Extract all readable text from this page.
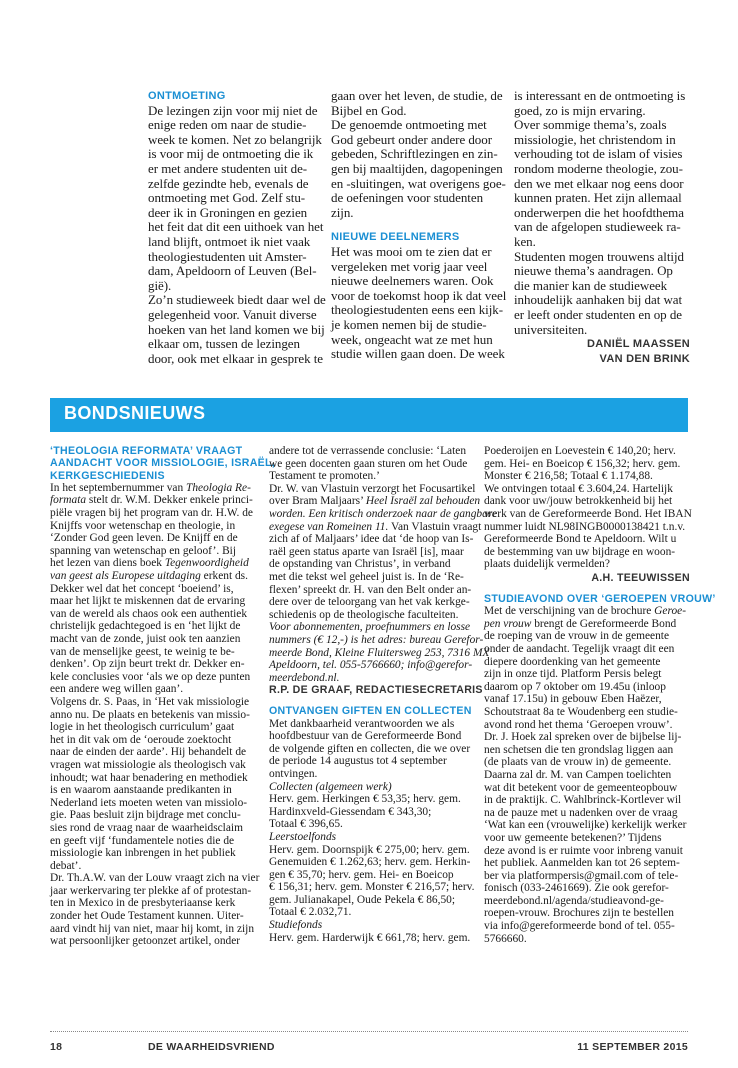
ONTMOETING
De lezingen zijn voor mij niet de
enige reden om naar de studie-
week te komen. Net zo belangrijk
is voor mij de ontmoeting die ik
er met andere studenten uit de-
zelfde gezindte heb, evenals de
ontmoeting met God. Zelf stu-
deer ik in Groningen en gezien
het feit dat dit een uithoek van het
land blijft, ontmoet ik niet vaak
theologiestudenten uit Amster-
dam, Apeldoorn of Leuven (Bel-
gië).
Zo’n studieweek biedt daar wel de
gelegenheid voor. Vanuit diverse
hoeken van het land komen we bij
elkaar om, tussen de lezingen
door, ook met elkaar in gesprek te
gaan over het leven, de studie, de
Bijbel en God.
De genoemde ontmoeting met
God gebeurt onder andere door
gebeden, Schriftlezingen en zin-
gen bij maaltijden, dagopeningen
en -sluitingen, wat overigens goe-
de oefeningen voor studenten
zijn.
NIEUWE DEELNEMERS
Het was mooi om te zien dat er
vergeleken met vorig jaar veel
nieuwe deelnemers waren. Ook
voor de toekomst hoop ik dat veel
theologiestudenten eens een kijk-
je komen nemen bij de studie-
week, ongeacht wat ze met hun
studie willen gaan doen. De week
is interessant en de ontmoeting is
goed, zo is mijn ervaring.
Over sommige thema’s, zoals
missiologie, het christendom in
verhouding tot de islam of visies
rondom moderne theologie, zou-
den we met elkaar nog eens door
kunnen praten. Het zijn allemaal
onderwerpen die het hoofdthema
van de afgelopen studieweek ra-
ken.
Studenten mogen trouwens altijd
nieuwe thema’s aandragen. Op
die manier kan de studieweek
inhoudelijk aanhaken bij dat wat
er leeft onder studenten en op de
universiteiten.
DANIËL MAASSEN
VAN DEN BRINK
BONDSNIEUWS
‘THEOLOGIA REFORMATA’ VRAAGT
AANDACHT VOOR MISSIOLOGIE, ISRAËL,
KERKGESCHIEDENIS
In het septembernummer van Theologia Re-
formata stelt dr. W.M. Dekker enkele princi-
piële vragen bij het program van dr. H.W. de
Knijffs voor wetenschap en theologie, in
‘Zonder God geen leven. De Knijff en de
spanning van wetenschap en geloof’. Bij
het lezen van diens boek Tegenwoordigheid
van geest als Europese uitdaging erkent ds.
Dekker wel dat het concept ‘boeiend’ is,
maar het lijkt te miskennen dat de ervaring
van de wereld als chaos ook een authentiek
christelijk gedachtegoed is en ‘het lijkt de
macht van de zonde, juist ook ten aanzien
van de menselijke geest, te weinig te be-
denken’. Op zijn beurt trekt dr. Dekker en-
kele conclusies voor ‘als we op deze punten
een andere weg willen gaan’.
Volgens dr. S. Paas, in ‘Het vak missiologie
anno nu. De plaats en betekenis van missio-
logie in het theologisch curriculum’ gaat
het in dit vak om de ‘oeroude zoektocht
naar de einden der aarde’. Hij behandelt de
vragen wat missiologie als theologisch vak
inhoudt; wat haar benadering en methodiek
is en waarom aanstaande predikanten in
Nederland iets moeten weten van missiolo-
gie. Paas besluit zijn bijdrage met conclu-
sies rond de vraag naar de waarheidsclaim
en geeft vijf ‘fundamentele noties die de
missiologie kan inbrengen in het publiek
debat’.
Dr. Th.A.W. van der Louw vraagt zich na vier
jaar werkervaring ter plekke af of protestan-
ten in Mexico in de presbyteriaanse kerk
zonder het Oude Testament kunnen. Uiter-
aard vindt hij van niet, maar hij komt, in zijn
wat persoonlijker getoonzet artikel, onder
andere tot de verrassende conclusie: ‘Laten
we geen docenten gaan sturen om het Oude
Testament te promoten.’
Dr. W. van Vlastuin verzorgt het Focusartikel
over Bram Maljaars’ Heel Israël zal behouden
worden. Een kritisch onderzoek naar de gangbare
exegese van Romeinen 11. Van Vlastuin vraagt
zich af of Maljaars’ idee dat ‘de hoop van Is-
raël geen status aparte van Israël [is], maar
de opstanding van Christus’, in verband
met die tekst wel geheel juist is. In de ‘Re-
flexen’ spreekt dr. H. van den Belt onder an-
dere over de teloorgang van het vak kerkge-
schiedenis op de theologische faculteiten.
Voor abonnementen, proefnummers en losse
nummers (€ 12,-) is het adres: bureau Gerefor-
meerde Bond, Kleine Fluitersweg 253, 7316 MX
Apeldoorn, tel. 055-5766660; info@gerefor-
meerdebond.nl.
R.P. DE GRAAF, REDACTIESECRETARIS
ONTVANGEN GIFTEN EN COLLECTEN
Met dankbaarheid verantwoorden we als
hoofdbestuur van de Gereformeerde Bond
de volgende giften en collecten, die we over
de periode 14 augustus tot 4 september
ontvingen.
Collecten (algemeen werk)
Herv. gem. Herkingen € 53,35; herv. gem.
Hardinxveld-Giessendam € 343,30;
Totaal € 396,65.
Leerstoelfonds
Herv. gem. Doornspijk € 275,00; herv. gem.
Genemuiden € 1.262,63; herv. gem. Herkin-
gen € 35,70; herv. gem. Hei- en Boeicop
€ 156,31; herv. gem. Monster € 216,57; herv.
gem. Julianakapel, Oude Pekela € 86,50;
Totaal € 2.032,71.
Studiefonds
Herv. gem. Harderwijk € 661,78; herv. gem.
Poederoijen en Loevestein € 140,20; herv.
gem. Hei- en Boeicop € 156,32; herv. gem.
Monster € 216,58; Totaal € 1.174,88.
We ontvingen totaal € 3.604,24. Hartelijk
dank voor uw/jouw betrokkenheid bij het
werk van de Gereformeerde Bond. Het IBAN
nummer luidt NL98INGB0000138421 t.n.v.
Gereformeerde Bond te Apeldoorn. Wilt u
de bestemming van uw bijdrage en woon-
plaats duidelijk vermelden?
A.H. TEEUWISSEN
STUDIEAVOND OVER ‘GEROEPEN VROUW’
Met de verschijning van de brochure Geroe-
pen vrouw brengt de Gereformeerde Bond
de roeping van de vrouw in de gemeente
onder de aandacht. Tegelijk vraagt dit een
diepere doordenking van het gemeente
zijn in onze tijd. Platform Persis belegt
daarom op 7 oktober om 19.45u (inloop
vanaf 17.15u) in gebouw Eben Haëzer,
Schoutstraat 8a te Woudenberg een studie-
avond rond het thema ‘Geroepen vrouw’.
Dr. J. Hoek zal spreken over de bijbelse lij-
nen schetsen die ten grondslag liggen aan
(de plaats van de vrouw in) de gemeente.
Daarna zal dr. M. van Campen toelichten
wat dit betekent voor de gemeenteopbouw
in de praktijk. C. Wahlbrinck-Kortlever wil
na de pauze met u nadenken over de vraag
‘Wat kan een (vrouwelijke) kerkelijk werker
voor uw gemeente betekenen?’ Tijdens
deze avond is er ruimte voor inbreng vanuit
het publiek. Aanmelden kan tot 26 septem-
ber via platformpersis@gmail.com of tele-
fonisch (033-2461669). Zie ook gerefor-
meerdebond.nl/agenda/studieavond-ge-
roepen-vrouw. Brochures zijn te bestellen
via info@gereformeerde bond of tel. 055-
5766660.
18	DE WAARHEIDSVRIEND	11 SEPTEMBER 2015
